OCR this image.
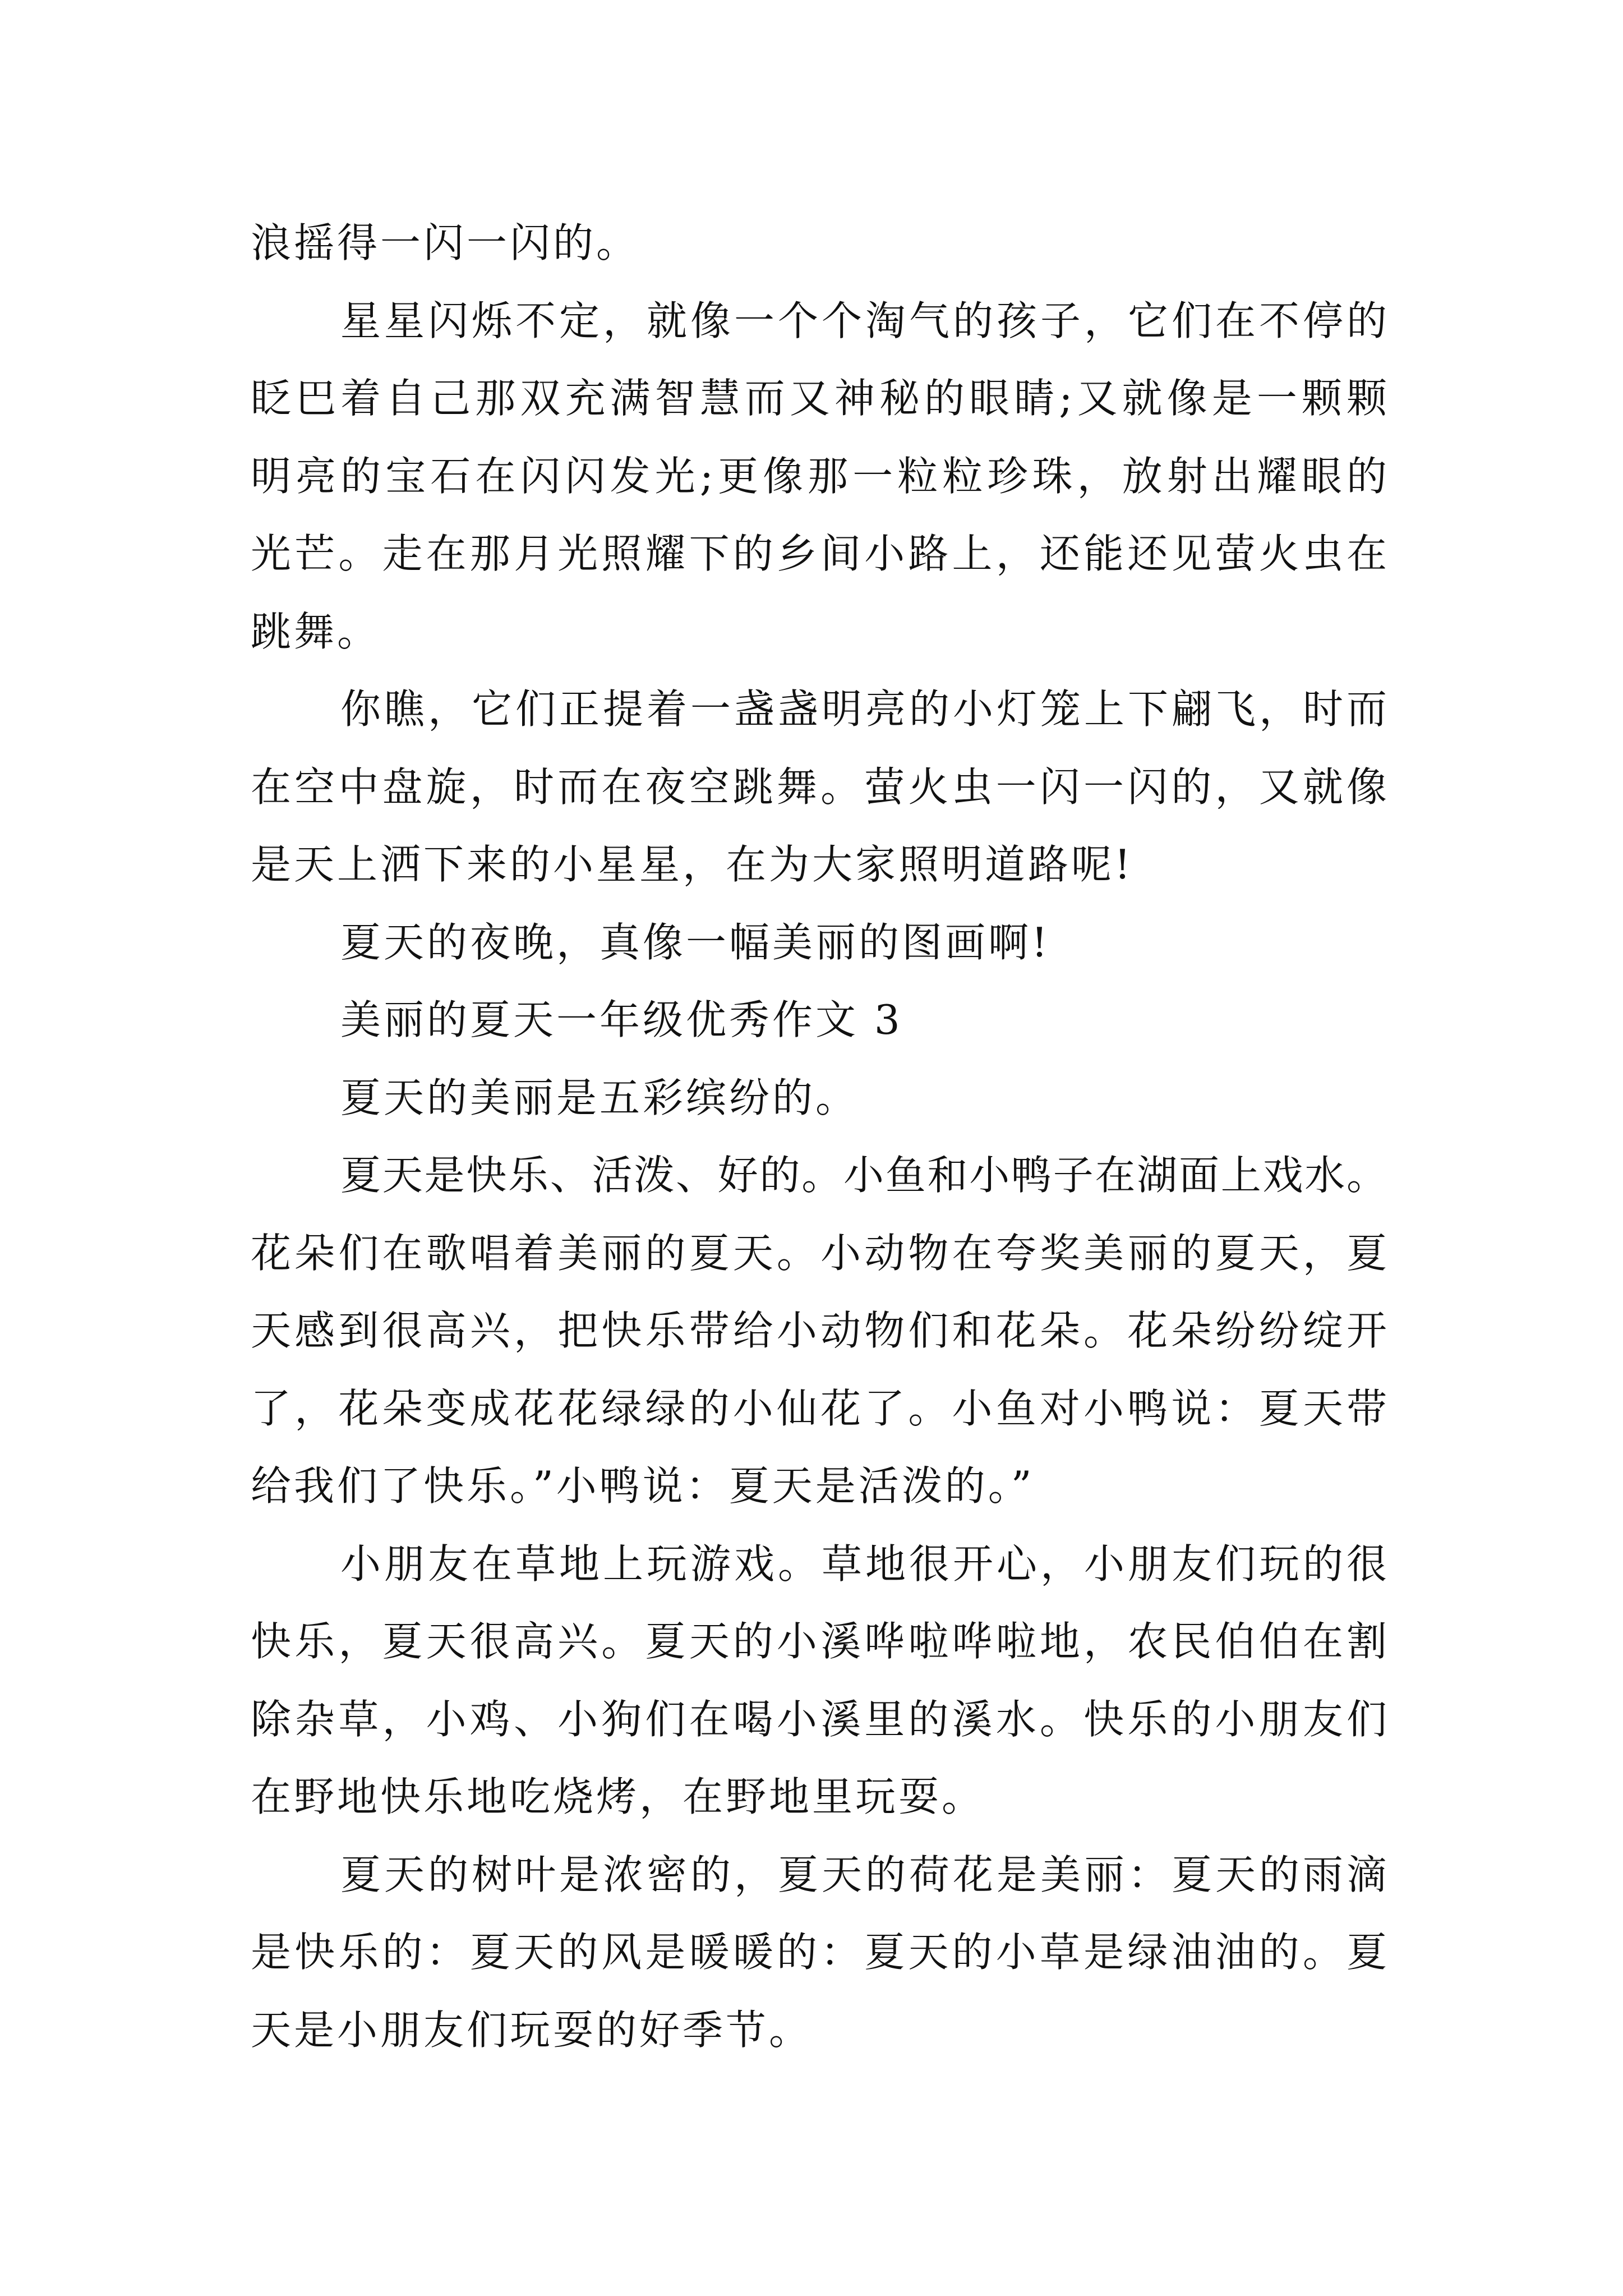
浪摇得一闪一闪的。
星星闪烁不定，就像一个个淘气的孩子，它们在不停的
眨巴着自己那双充满智慧而又神秘的眼睛;又就像是一颗颗
明亮的宝石在闪闪发光;更像那一粒粒珍珠，放射出耀眼的
光芒。走在那月光照耀下的乡间小路上，还能还见萤火虫在
跳舞。
你瞧，它们正提着一盏盏明亮的小灯笼上下翩飞，时而
在空中盘旋，时而在夜空跳舞。萤火虫一闪一闪的，又就像
是天上洒下来的小星星，在为大家照明道路呢!
夏天的夜晚，真像一幅美丽的图画啊!
美丽的夏天一年级优秀作文 3
夏天的美丽是五彩缤纷的。
夏天是快乐、活泼、好的。小鱼和小鸭子在湖面上戏水。
花朵们在歌唱着美丽的夏天。小动物在夸奖美丽的夏天，夏
天感到很高兴，把快乐带给小动物们和花朵。花朵纷纷绽开
了，花朵变成花花绿绿的小仙花了。小鱼对小鸭说：夏天带
给我们了快乐。”小鸭说：夏天是活泼的。”
小朋友在草地上玩游戏。草地很开心，小朋友们玩的很
快乐，夏天很高兴。夏天的小溪哗啦哗啦地，农民伯伯在割
除杂草，小鸡、小狗们在喝小溪里的溪水。快乐的小朋友们
在野地快乐地吃烧烤，在野地里玩耍。
夏天的树叶是浓密的，夏天的荷花是美丽：夏天的雨滴
是快乐的：夏天的风是暖暖的：夏天的小草是绿油油的。夏
天是小朋友们玩耍的好季节。
